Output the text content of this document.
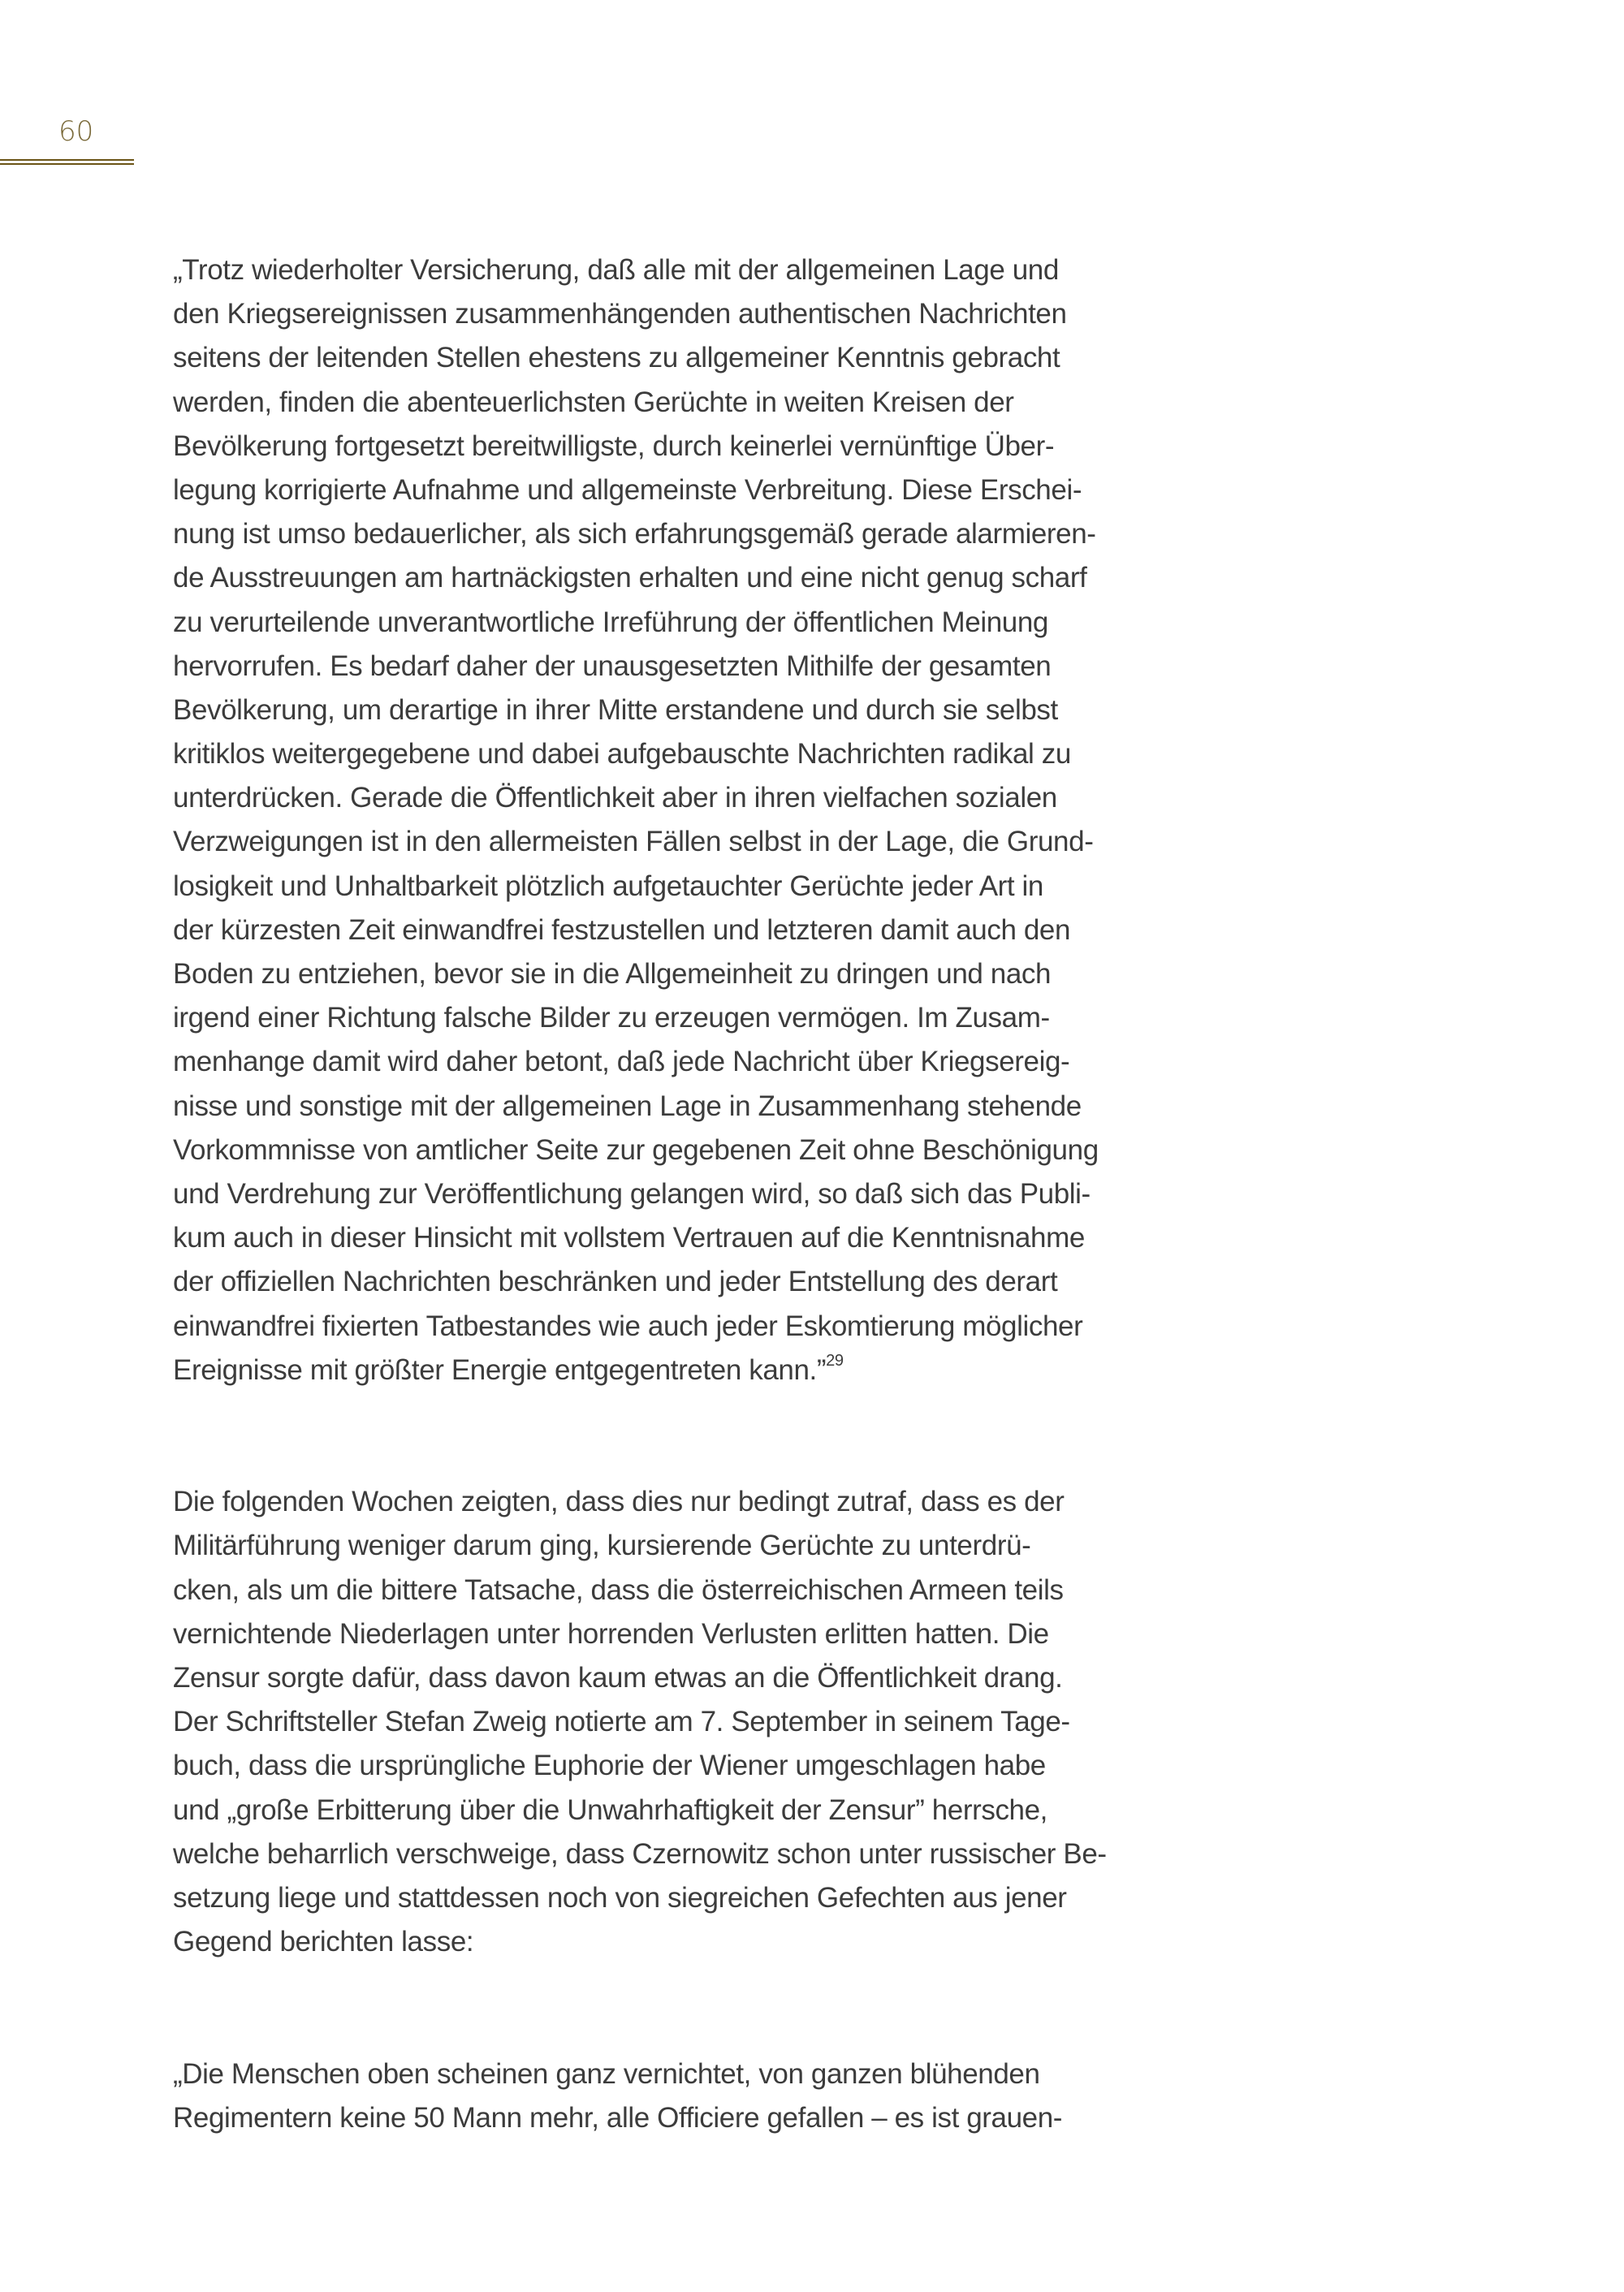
60
„Trotz wiederholter Versicherung, daß alle mit der allgemeinen Lage und
den Kriegsereignissen zusammenhängenden authentischen Nachrichten
seitens der leitenden Stellen ehestens zu allgemeiner Kenntnis gebracht
werden, finden die abenteuerlichsten Gerüchte in weiten Kreisen der
Bevölkerung fortgesetzt bereitwilligste, durch keinerlei vernünftige Über-
legung korrigierte Aufnahme und allgemeinste Verbreitung. Diese Erschei-
nung ist umso bedauerlicher, als sich erfahrungsgemäß gerade alarmieren-
de Ausstreuungen am hartnäckigsten erhalten und eine nicht genug scharf
zu verurteilende unverantwortliche Irreführung der öffentlichen Meinung
hervorrufen. Es bedarf daher der unausgesetzten Mithilfe der gesamten
Bevölkerung, um derartige in ihrer Mitte erstandene und durch sie selbst
kritiklos weitergegebene und dabei aufgebauschte Nachrichten radikal zu
unterdrücken. Gerade die Öffentlichkeit aber in ihren vielfachen sozialen
Verzweigungen ist in den allermeisten Fällen selbst in der Lage, die Grund-
losigkeit und Unhaltbarkeit plötzlich aufgetauchter Gerüchte jeder Art in
der kürzesten Zeit einwandfrei festzustellen und letzteren damit auch den
Boden zu entziehen, bevor sie in die Allgemeinheit zu dringen und nach
irgend einer Richtung falsche Bilder zu erzeugen vermögen. Im Zusam-
menhange damit wird daher betont, daß jede Nachricht über Kriegsereig-
nisse und sonstige mit der allgemeinen Lage in Zusammenhang stehende
Vorkommnisse von amtlicher Seite zur gegebenen Zeit ohne Beschönigung
und Verdrehung zur Veröffentlichung gelangen wird, so daß sich das Publi-
kum auch in dieser Hinsicht mit vollstem Vertrauen auf die Kenntnisnahme
der offiziellen Nachrichten beschränken und jeder Entstellung des derart
einwandfrei fixierten Tatbestandes wie auch jeder Eskomtierung möglicher
Ereignisse mit größter Energie entgegentreten kann.”$^{29}$
Die folgenden Wochen zeigten, dass dies nur bedingt zutraf, dass es der
Militärführung weniger darum ging, kursierende Gerüchte zu unterdrü-
cken, als um die bittere Tatsache, dass die österreichischen Armeen teils
vernichtende Niederlagen unter horrenden Verlusten erlitten hatten. Die
Zensur sorgte dafür, dass davon kaum etwas an die Öffentlichkeit drang.
Der Schriftsteller Stefan Zweig notierte am 7. September in seinem Tage-
buch, dass die ursprüngliche Euphorie der Wiener umgeschlagen habe
und „große Erbitterung über die Unwahrhaftigkeit der Zensur” herrsche,
welche beharrlich verschweige, dass Czernowitz schon unter russischer Be-
setzung liege und stattdessen noch von siegreichen Gefechten aus jener
Gegend berichten lasse:
„Die Menschen oben scheinen ganz vernichtet, von ganzen blühenden
Regimentern keine 50 Mann mehr, alle Officiere gefallen – es ist grauen-
